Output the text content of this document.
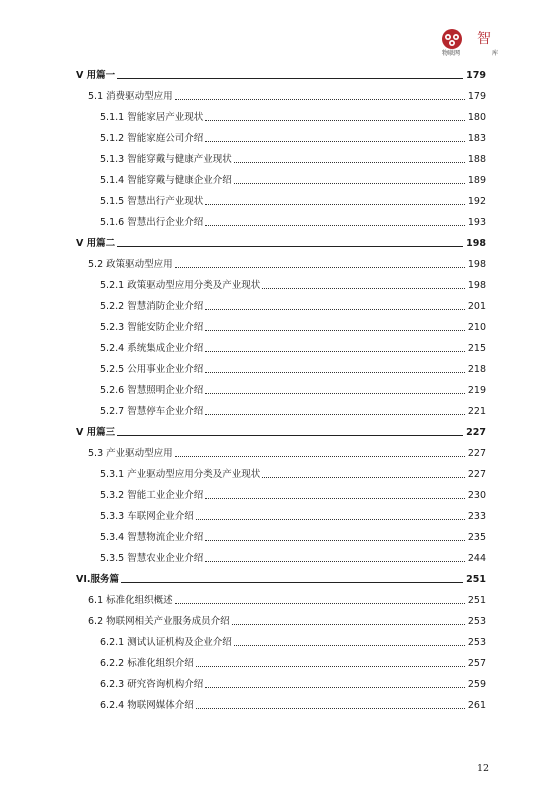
智
物联网	库
V 用篇一	179
5.1 消费驱动型应用	179
5.1.1 智能家居产业现状	180
5.1.2 智能家庭公司介绍	183
5.1.3 智能穿戴与健康产业现状	188
5.1.4 智能穿戴与健康企业介绍	189
5.1.5 智慧出行产业现状	192
5.1.6 智慧出行企业介绍	193
V 用篇二	198
5.2 政策驱动型应用	198
5.2.1 政策驱动型应用分类及产业现状	198
5.2.2 智慧消防企业介绍	201
5.2.3 智能安防企业介绍	210
5.2.4 系统集成企业介绍	215
5.2.5 公用事业企业介绍	218
5.2.6 智慧照明企业介绍	219
5.2.7 智慧停车企业介绍	221
V 用篇三	227
5.3 产业驱动型应用	227
5.3.1 产业驱动型应用分类及产业现状	227
5.3.2 智能工业企业介绍	230
5.3.3 车联网企业介绍	233
5.3.4 智慧物流企业介绍	235
5.3.5 智慧农业企业介绍	244
VI.服务篇	251
6.1 标准化组织概述	251
6.2 物联网相关产业服务成员介绍	253
6.2.1 测试认证机构及企业介绍	253
6.2.2 标准化组织介绍	257
6.2.3 研究咨询机构介绍	259
6.2.4 物联网媒体介绍	261
12
